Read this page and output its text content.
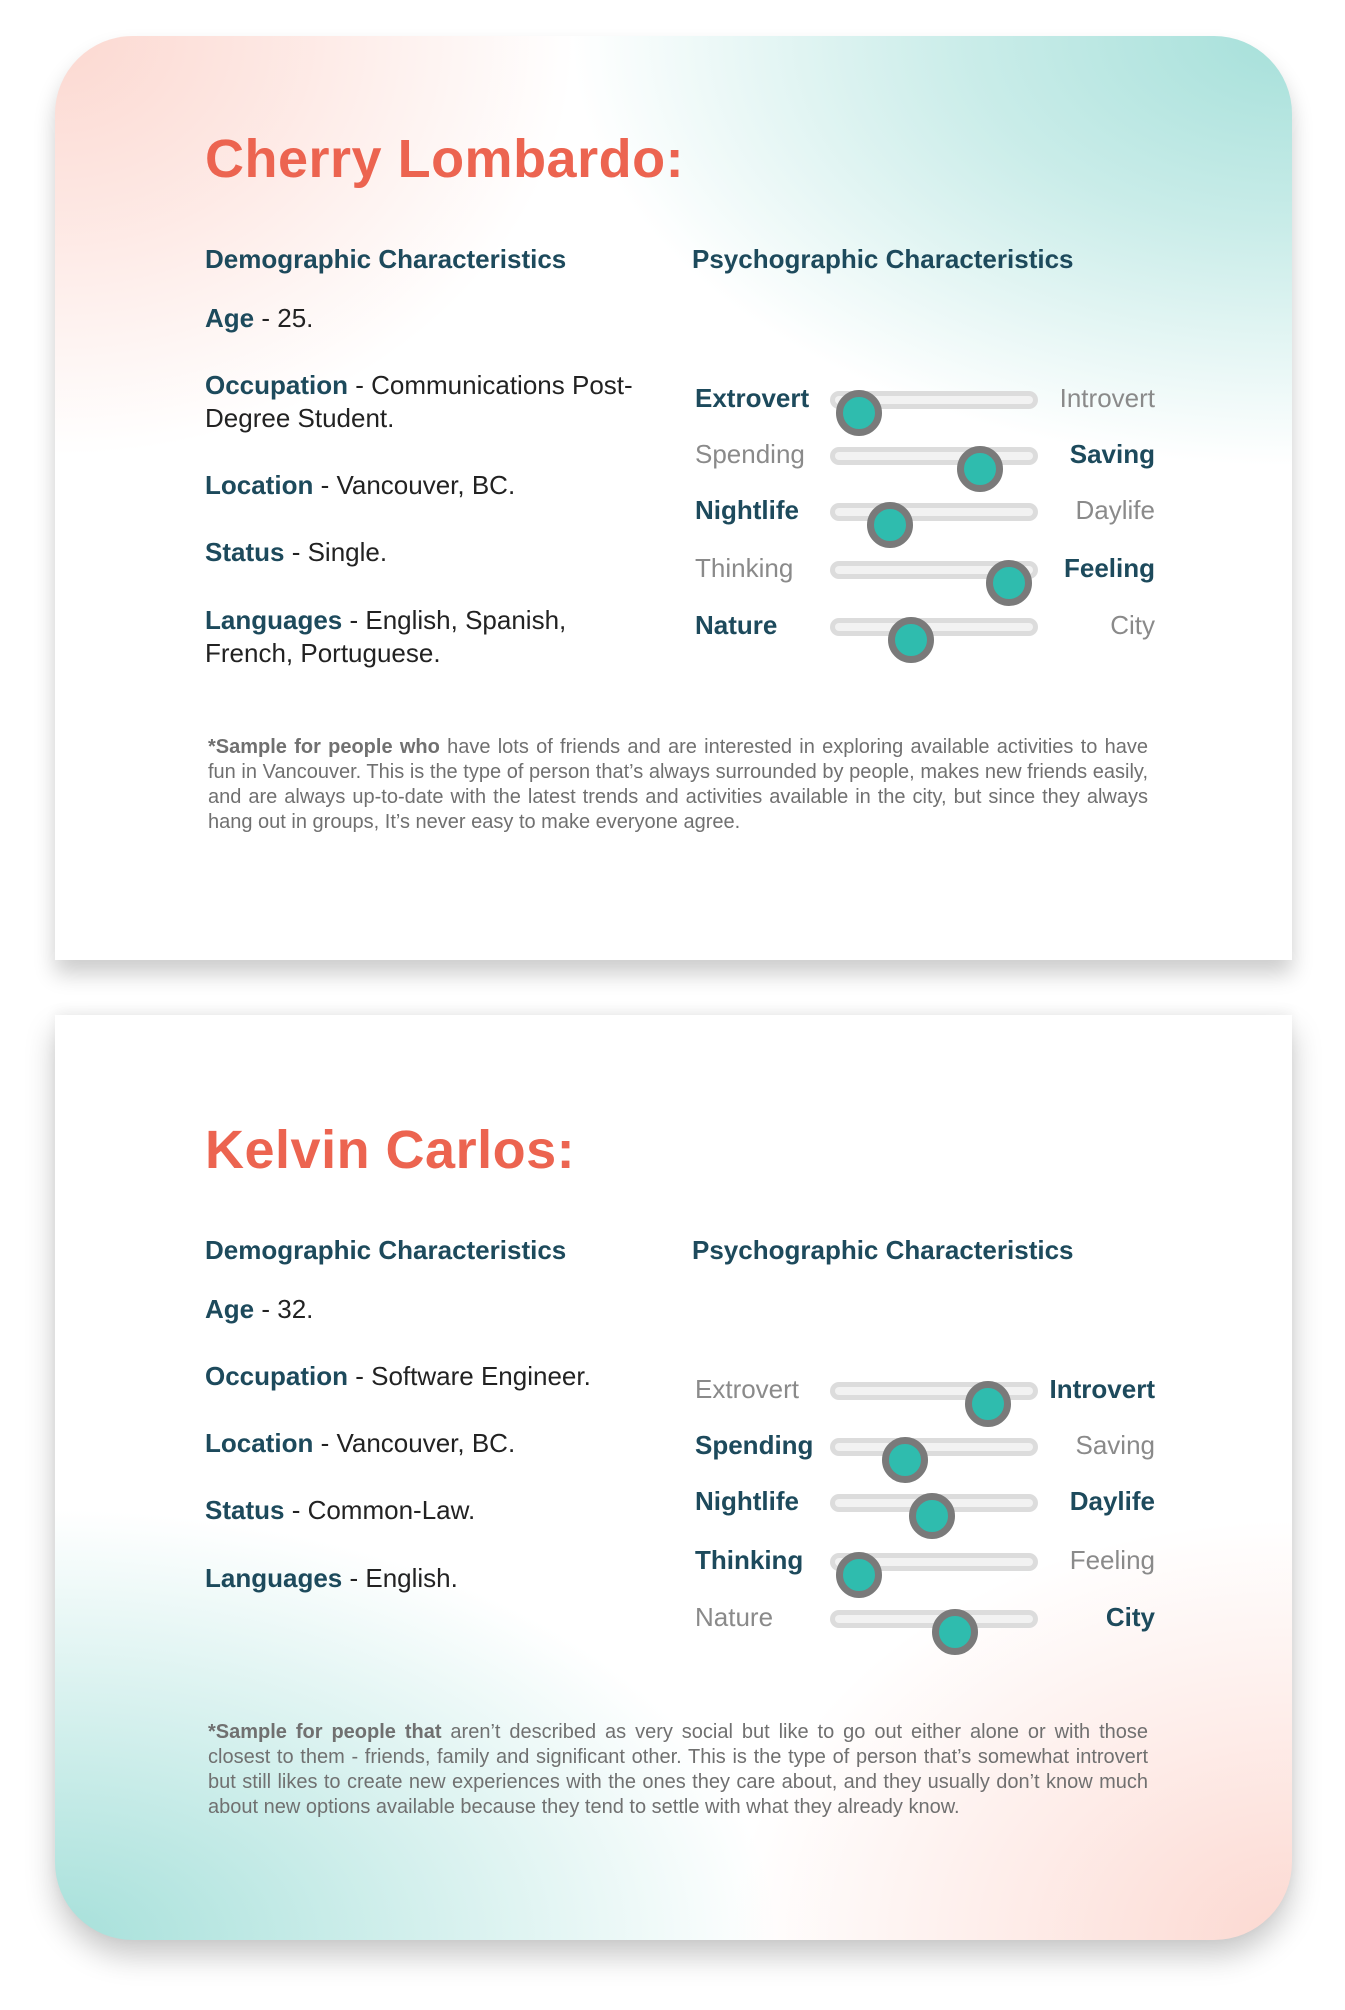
Cherry Lombardo:
Demographic Characteristics	Psychographic Characteristics
Age - 25.
Occupation - Communications Post-Degree Student.
Location - Vancouver, BC.
Status - Single.
Languages - English, Spanish, French, Portuguese.
Extrovert	Introvert
Spending	Saving
Nightlife	Daylife
Thinking	Feeling
Nature	City
*Sample for people who have lots of friends and are interested in exploring available activities to have fun in Vancouver. This is the type of person that’s always surrounded by people, makes new friends easily, and are always up-to-date with the latest trends and activities available in the city, but since they always hang out in groups, It’s never easy to make everyone agree.
Kelvin Carlos:
Demographic Characteristics	Psychographic Characteristics
Age - 32.
Occupation - Software Engineer.
Location - Vancouver, BC.
Status - Common-Law.
Languages - English.
Extrovert	Introvert
Spending	Saving
Nightlife	Daylife
Thinking	Feeling
Nature	City
*Sample for people that aren’t described as very social but like to go out either alone or with those closest to them - friends, family and significant other. This is the type of person that’s somewhat introvert but still likes to create new experiences with the ones they care about, and they usually don’t know much about new options available because they tend to settle with what they already know.
